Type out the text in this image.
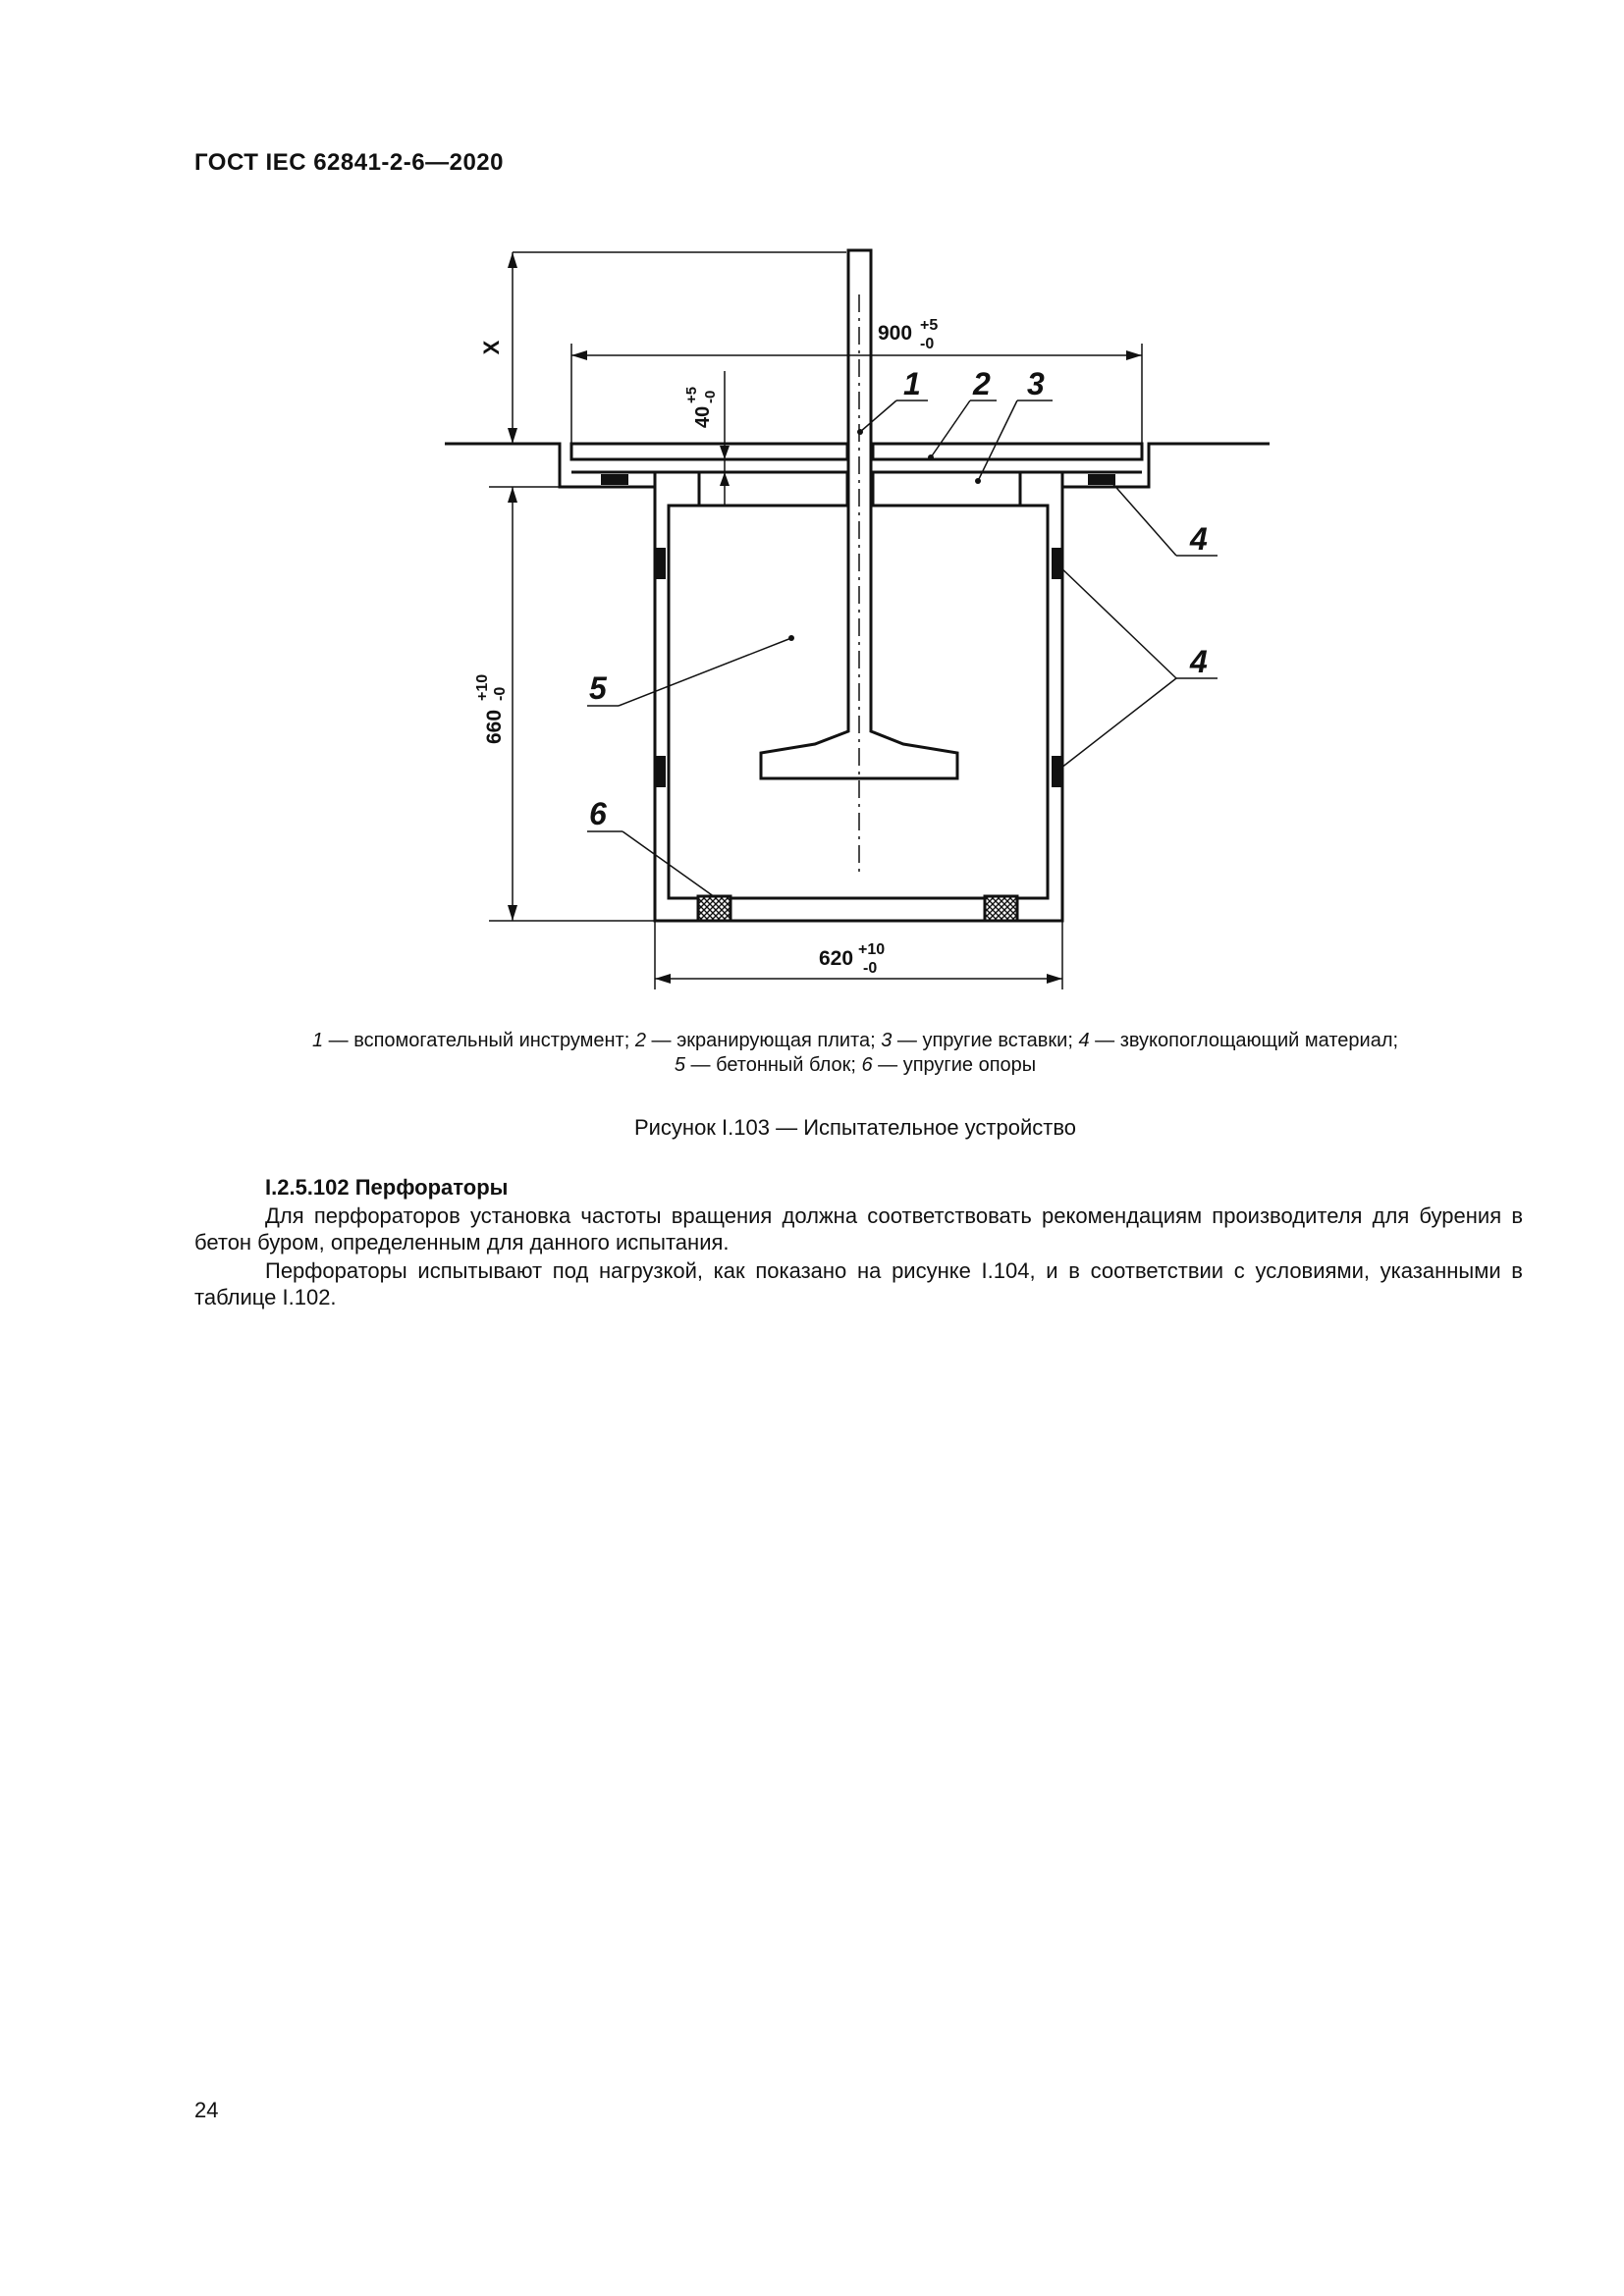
ГОСТ IEC 62841-2-6—2020
X
900 +5
-0
40
+5 -0
660
+10 -0
620 +10
-0
1 2 3
4
4
5
6
1 — вспомогательный инструмент; 2 — экранирующая плита; 3 — упругие вставки; 4 — звукопоглощающий материал;
5 — бетонный блок; 6 — упругие опоры
Рисунок I.103 — Испытательное устройство
I.2.5.102 Перфораторы
Для перфораторов установка частоты вращения должна соответствовать рекомендациям производителя для бурения в бетон буром, определенным для данного испытания.
Перфораторы испытывают под нагрузкой, как показано на рисунке I.104, и в соответствии с условиями, указанными в таблице I.102.
24
